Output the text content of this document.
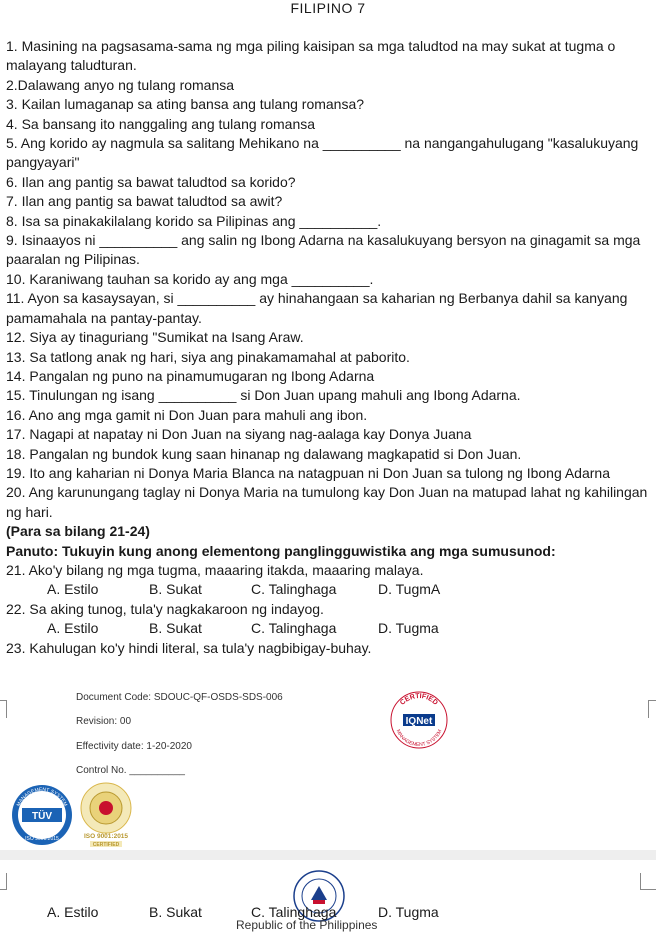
FILIPINO 7

1. Masining na pagsasama-sama ng mga piling kaisipan sa mga taludtod na may sukat at tugma o malayang taludturan.

2.Dalawang anyo ng tulang romansa

3. Kailan lumaganap sa ating bansa ang tulang romansa?

4. Sa bansang ito nanggaling ang tulang romansa

5. Ang korido ay nagmula sa salitang Mehikano na __________ na nangangahulugang "kasalukuyang pangyayari"

6. Ilan ang pantig sa bawat taludtod sa korido?

7. Ilan ang pantig sa bawat taludtod sa awit?

8. Isa sa pinakakilalang korido sa Pilipinas ang __________.

9. Isinaayos ni __________ ang salin ng Ibong Adarna na kasalukuyang bersyon na ginagamit sa mga paaralan ng Pilipinas.

10. Karaniwang tauhan sa korido ay ang mga __________.

11. Ayon sa kasaysayan, si __________ ay hinahangaan sa kaharian ng Berbanya dahil sa kanyang pamamahala na pantay-pantay.

12. Siya ay tinaguriang "Sumikat na Isang Araw.

13. Sa tatlong anak ng hari, siya ang pinakamamahal at paborito.

14. Pangalan ng puno na pinamumugaran ng Ibong Adarna

15. Tinulungan ng isang __________ si Don Juan upang mahuli ang Ibong Adarna.

16. Ano ang mga gamit ni Don Juan para mahuli ang ibon.

17. Nagapi at napatay ni Don Juan na siyang nag-aalaga kay Donya Juana

18. Pangalan ng bundok kung saan hinanap ng dalawang magkapatid si Don Juan.

19. Ito ang kaharian ni Donya Maria Blanca na natagpuan ni Don Juan sa tulong ng Ibong Adarna

20. Ang karunungang taglay ni Donya Maria na tumulong kay Don Juan na matupad lahat ng kahilingan ng hari.

(Para sa bilang 21-24)

Panuto: Tukuyin kung anong elementong panglingguwistika ang mga sumusunod:

21. Ako'y bilang ng mga tugma, maaaring itakda, maaaring malaya.

A. Estilo	B. Sukat	C. Talinghaga	D. TugmA

22. Sa aking tunog, tula'y nagkakaroon ng indayog.

A. Estilo	B. Sukat	C. Talinghaga	D. Tugma

23. Kahulugan ko'y hindi literal, sa tula'y nagbibigay-buhay.

Document Code: SDOUC-QF-OSDS-SDS-006
Revision: 00
Effectivity date: 1-20-2020
Control No. __________
CERTIFIED
IQNet
MANAGEMENT SYSTEM
TÜV
MANAGEMENT SYSTEM
ISO 9001:2015	ISO 9001:2015
CERTIFIED
A. Estilo	B. Sukat	C. Talinghaga	D. Tugma
Republic of the Philippines
